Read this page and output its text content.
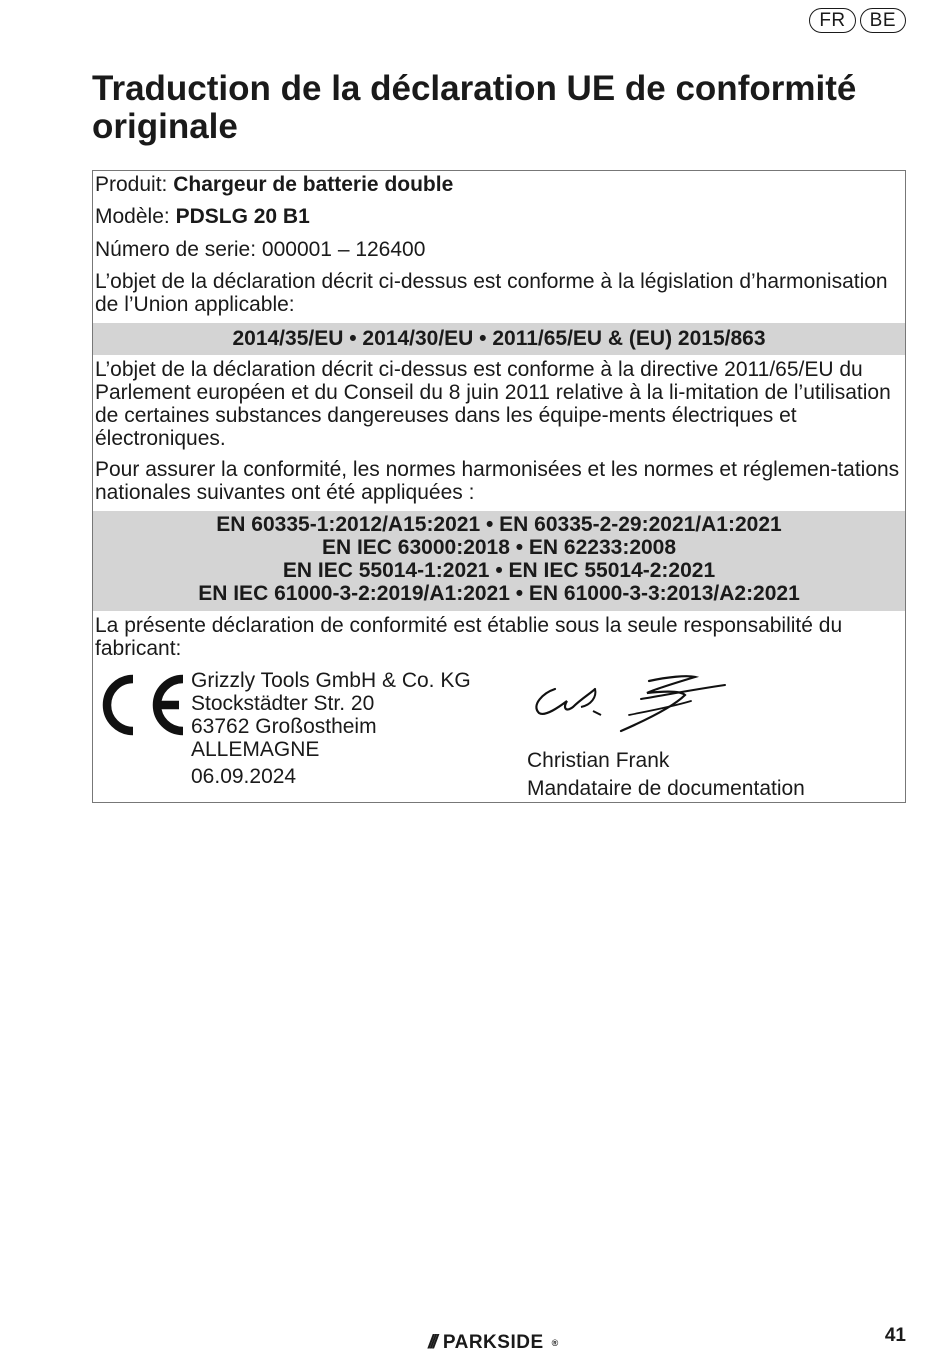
FR	BE
Traduction de la déclaration UE de conformité originale
Produit: Chargeur de batterie double
Modèle: PDSLG 20 B1
Número de serie: 000001 – 126400
L’objet de la déclaration décrit ci-dessus est conforme à la législation d’harmonisation de l’Union applicable:
2014/35/EU • 2014/30/EU • 2011/65/EU & (EU) 2015/863
L’objet de la déclaration décrit ci-dessus est conforme à la directive 2011/65/EU du Parlement européen et du Conseil du 8 juin 2011 relative à la li-mitation de l’utilisation de certaines substances dangereuses dans les équipe-ments électriques et électroniques.
Pour assurer la conformité, les normes harmonisées et les normes et réglemen-tations nationales suivantes ont été appliquées :
EN 60335-1:2012/A15:2021 • EN 60335-2-29:2021/A1:2021
EN IEC 63000:2018 • EN 62233:2008
EN IEC 55014-1:2021 • EN IEC 55014-2:2021
EN IEC 61000-3-2:2019/A1:2021 • EN 61000-3-3:2013/A2:2021
La présente déclaration de conformité est établie sous la seule responsabilité du fabricant:
Grizzly Tools GmbH & Co. KG
Stockstädter Str. 20
63762 Großostheim
ALLEMAGNE
06.09.2024
Christian Frank
Mandataire de documentation
/// PARKSIDE ®	41
